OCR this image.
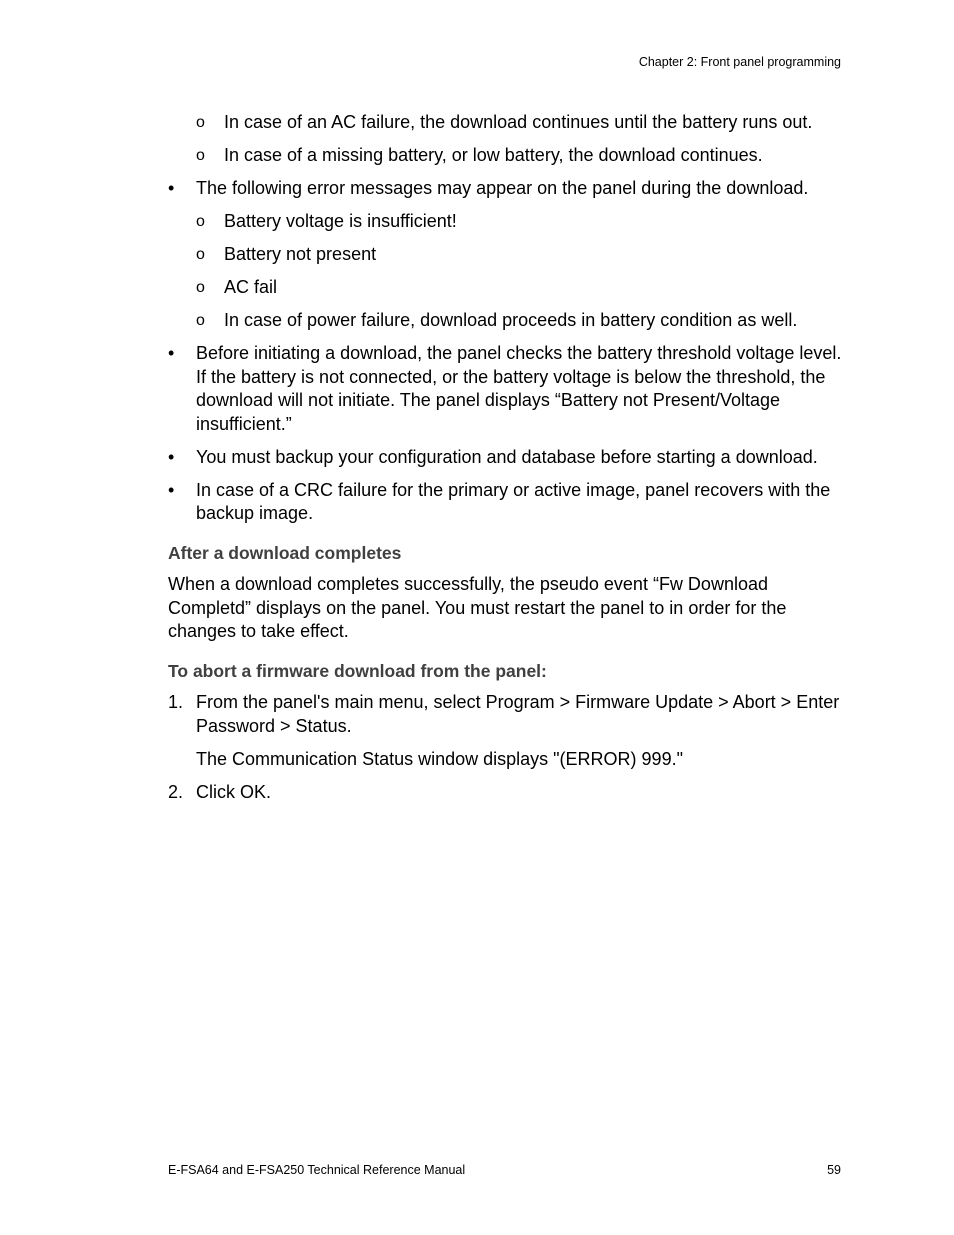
Chapter 2: Front panel programming
o In case of an AC failure, the download continues until the battery runs out.
o In case of a missing battery, or low battery, the download continues.
• The following error messages may appear on the panel during the download.
o Battery voltage is insufficient!
o Battery not present
o AC fail
o In case of power failure, download proceeds in battery condition as well.
• Before initiating a download, the panel checks the battery threshold voltage level. If the battery is not connected, or the battery voltage is below the threshold, the download will not initiate. The panel displays “Battery not Present/Voltage insufficient.”
• You must backup your configuration and database before starting a download.
• In case of a CRC failure for the primary or active image, panel recovers with the backup image.
After a download completes
When a download completes successfully, the pseudo event “Fw Download Completd” displays on the panel. You must restart the panel to in order for the changes to take effect.
To abort a firmware download from the panel:
1. From the panel's main menu, select Program > Firmware Update > Abort > Enter Password > Status.
The Communication Status window displays "(ERROR) 999."
2. Click OK.
E-FSA64 and E-FSA250 Technical Reference Manual	59
